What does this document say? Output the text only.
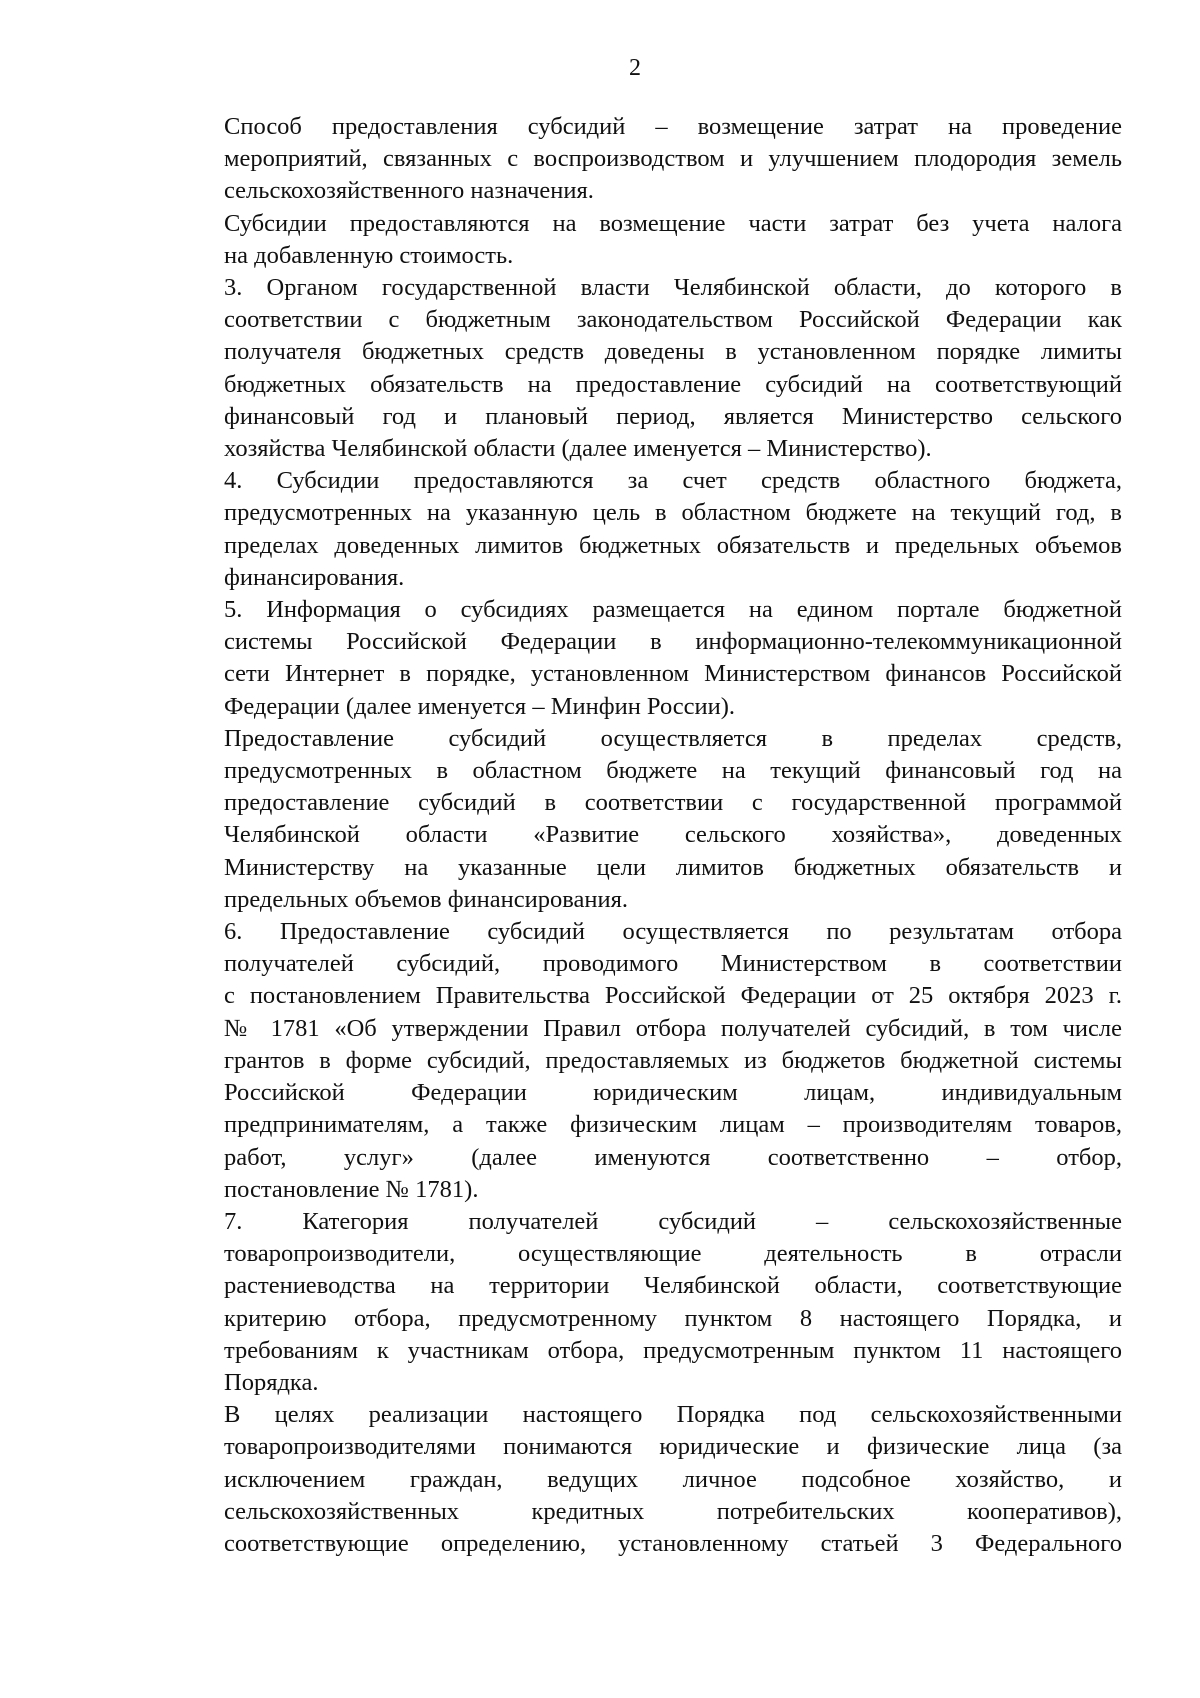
2
Способ предоставления субсидий – возмещение затрат на проведение
мероприятий, связанных с воспроизводством и улучшением плодородия земель
сельскохозяйственного назначения.
Субсидии предоставляются на возмещение части затрат без учета налога
на добавленную стоимость.
3. Органом государственной власти Челябинской области, до которого в
соответствии с бюджетным законодательством Российской Федерации как
получателя бюджетных средств доведены в установленном порядке лимиты
бюджетных обязательств на предоставление субсидий на соответствующий
финансовый год и плановый период, является Министерство сельского
хозяйства Челябинской области (далее именуется – Министерство).
4. Субсидии предоставляются за счет средств областного бюджета,
предусмотренных на указанную цель в областном бюджете на текущий год, в
пределах доведенных лимитов бюджетных обязательств и предельных объемов
финансирования.
5. Информация о субсидиях размещается на едином портале бюджетной
системы Российской Федерации в информационно-телекоммуникационной
сети Интернет в порядке, установленном Министерством финансов Российской
Федерации (далее именуется – Минфин России).
Предоставление субсидий осуществляется в пределах средств,
предусмотренных в областном бюджете на текущий финансовый год на
предоставление субсидий в соответствии с государственной программой
Челябинской области «Развитие сельского хозяйства», доведенных
Министерству на указанные цели лимитов бюджетных обязательств и
предельных объемов финансирования.
6. Предоставление субсидий осуществляется по результатам отбора
получателей субсидий, проводимого Министерством в соответствии
с постановлением Правительства Российской Федерации от 25 октября 2023 г.
№ 1781 «Об утверждении Правил отбора получателей субсидий, в том числе
грантов в форме субсидий, предоставляемых из бюджетов бюджетной системы
Российской Федерации юридическим лицам, индивидуальным
предпринимателям, а также физическим лицам – производителям товаров,
работ, услуг» (далее именуются соответственно – отбор,
постановление № 1781).
7. Категория получателей субсидий – сельскохозяйственные
товаропроизводители, осуществляющие деятельность в отрасли
растениеводства на территории Челябинской области, соответствующие
критерию отбора, предусмотренному пунктом 8 настоящего Порядка, и
требованиям к участникам отбора, предусмотренным пунктом 11 настоящего
Порядка.
В целях реализации настоящего Порядка под сельскохозяйственными
товаропроизводителями понимаются юридические и физические лица (за
исключением граждан, ведущих личное подсобное хозяйство, и
сельскохозяйственных кредитных потребительских кооперативов),
соответствующие определению, установленному статьей 3 Федерального
